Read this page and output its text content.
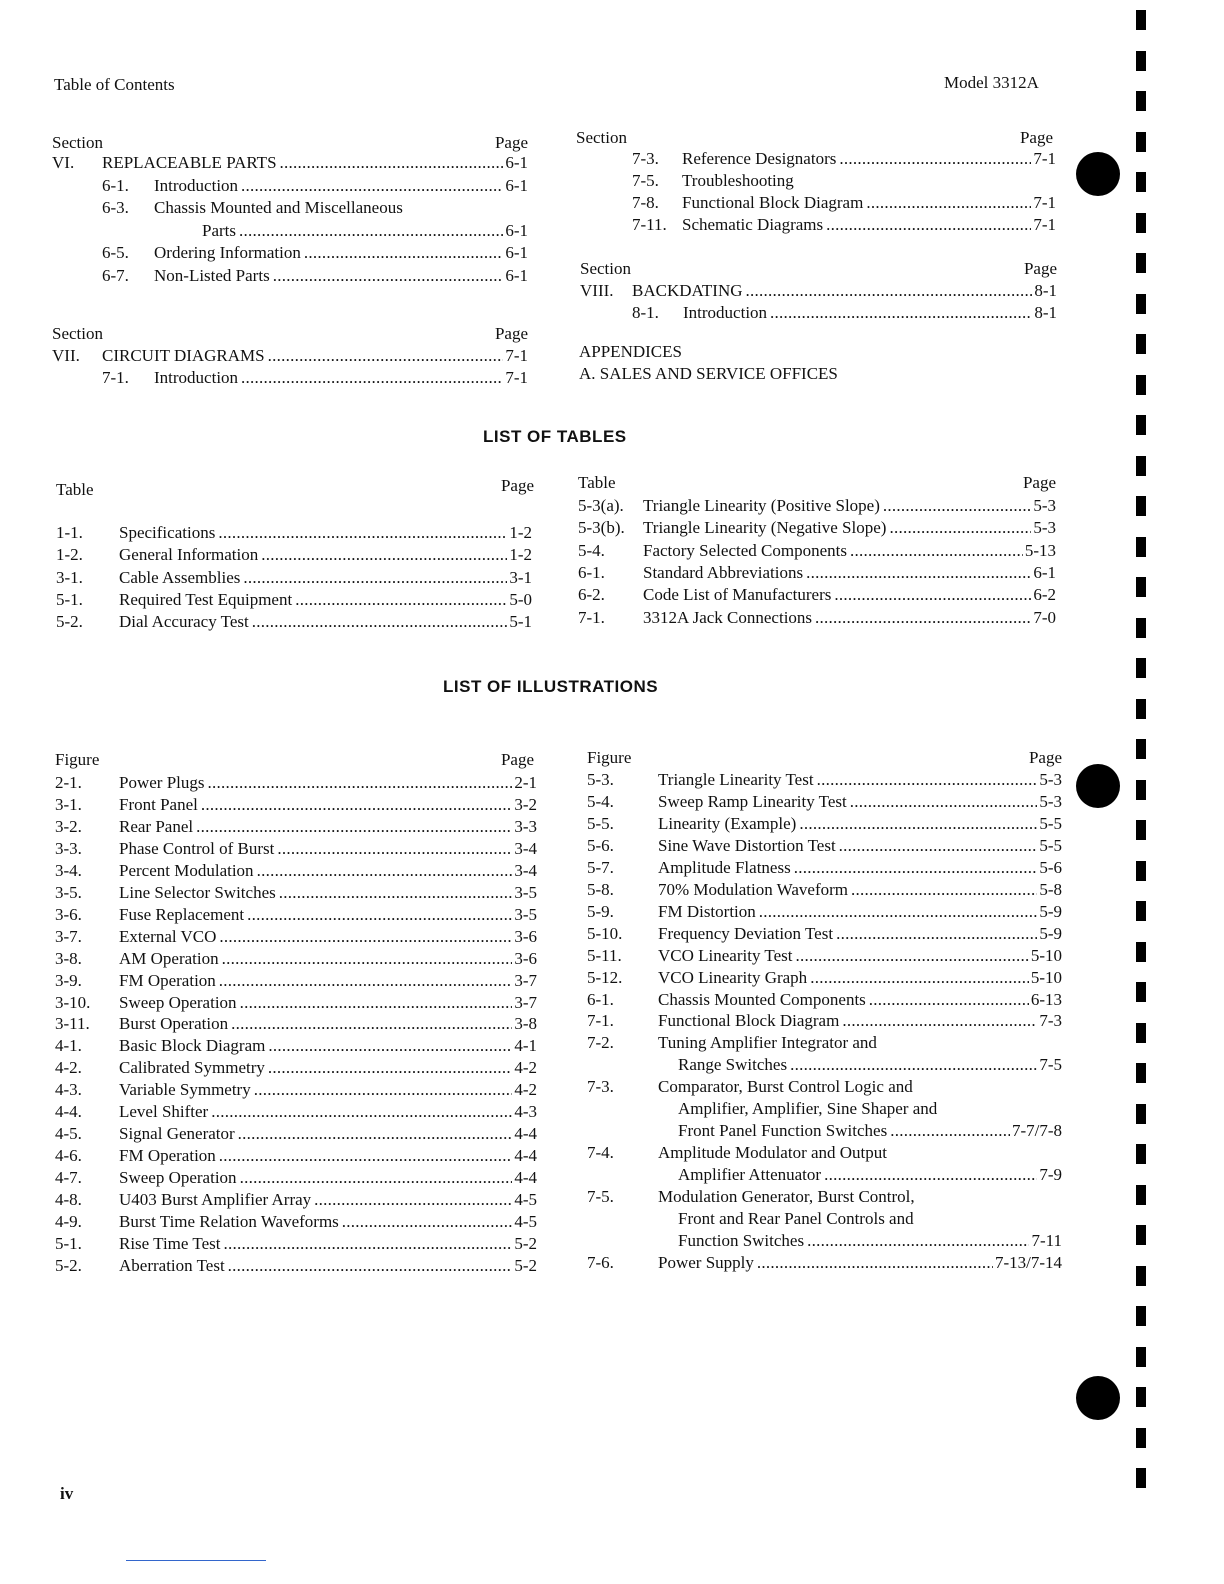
Table of Contents	Model 3312A
Section	Page
VI. REPLACEABLE PARTS . . .	6-1
6-1. Introduction . . .	6-1
6-3. Chassis Mounted and Miscellaneous
Parts . . .	6-1
6-5. Ordering Information . . .	6-1
6-7. Non-Listed Parts . . .	6-1
Section	Page
VII. CIRCUIT DIAGRAMS . . .	7-1
7-1. Introduction . . .	7-1
Section	Page
7-3. Reference Designators . . .	7-1
7-5. Troubleshooting
7-8. Functional Block Diagram . . .	7-1
7-11. Schematic Diagrams . . .	7-1
Section	Page
VIII. BACKDATING . . .	8-1
8-1. Introduction . . .	8-1
APPENDICES
A. SALES AND SERVICE OFFICES
LIST OF TABLES
Table	Page
1-1. Specifications . . .	1-2
1-2. General Information . . .	1-2
3-1. Cable Assemblies . . .	3-1
5-1. Required Test Equipment . . .	5-0
5-2. Dial Accuracy Test . . .	5-1
Table	Page
5-3(a). Triangle Linearity (Positive Slope) . . .	5-3
5-3(b). Triangle Linearity (Negative Slope) . . .	5-3
5-4. Factory Selected Components . . .	5-13
6-1. Standard Abbreviations . . .	6-1
6-2. Code List of Manufacturers . . .	6-2
7-1. 3312A Jack Connections . . .	7-0
LIST OF ILLUSTRATIONS
Figure	Page
2-1. Power Plugs . . .	2-1
3-1. Front Panel . . .	3-2
3-2. Rear Panel . . .	3-3
3-3. Phase Control of Burst . . .	3-4
3-4. Percent Modulation . . .	3-4
3-5. Line Selector Switches . . .	3-5
3-6. Fuse Replacement . . .	3-5
3-7. External VCO . . .	3-6
3-8. AM Operation . . .	3-6
3-9. FM Operation . . .	3-7
3-10. Sweep Operation . . .	3-7
3-11. Burst Operation . . .	3-8
4-1. Basic Block Diagram . . .	4-1
4-2. Calibrated Symmetry . . .	4-2
4-3. Variable Symmetry . . .	4-2
4-4. Level Shifter . . .	4-3
4-5. Signal Generator . . .	4-4
4-6. FM Operation . . .	4-4
4-7. Sweep Operation . . .	4-4
4-8. U403 Burst Amplifier Array . . .	4-5
4-9. Burst Time Relation Waveforms . . .	4-5
5-1. Rise Time Test . . .	5-2
5-2. Aberration Test . . .	5-2
Figure	Page
5-3.	Triangle Linearity Test . . .	5-3
5-4.	Sweep Ramp Linearity Test . . .	5-3
5-5.	Linearity (Example) . . .	5-5
5-6.	Sine Wave Distortion Test . . .	5-5
5-7.	Amplitude Flatness . . .	5-6
5-8.	70% Modulation Waveform . . .	5-8
5-9.	FM Distortion . . .	5-9
5-10. Frequency Deviation Test . . .	5-9
5-11. VCO Linearity Test . . .	5-10
5-12. VCO Linearity Graph . . .	5-10
6-1.	Chassis Mounted Components . . .	6-13
7-1.	Functional Block Diagram . . .	7-3
7-2.	Tuning Amplifier Integrator and
Range Switches . . .	7-5
7-3.	Comparator, Burst Control Logic and
Amplifier, Amplifier, Sine Shaper and
Front Panel Function Switches . . .	7-7/7-8
7-4.	Amplitude Modulator and Output
Amplifier Attenuator . . .	7-9
7-5.	Modulation Generator, Burst Control,
Front and Rear Panel Controls and
Function Switches . . .	7-11
7-6.	Power Supply . . .	7-13/7-14
iv
